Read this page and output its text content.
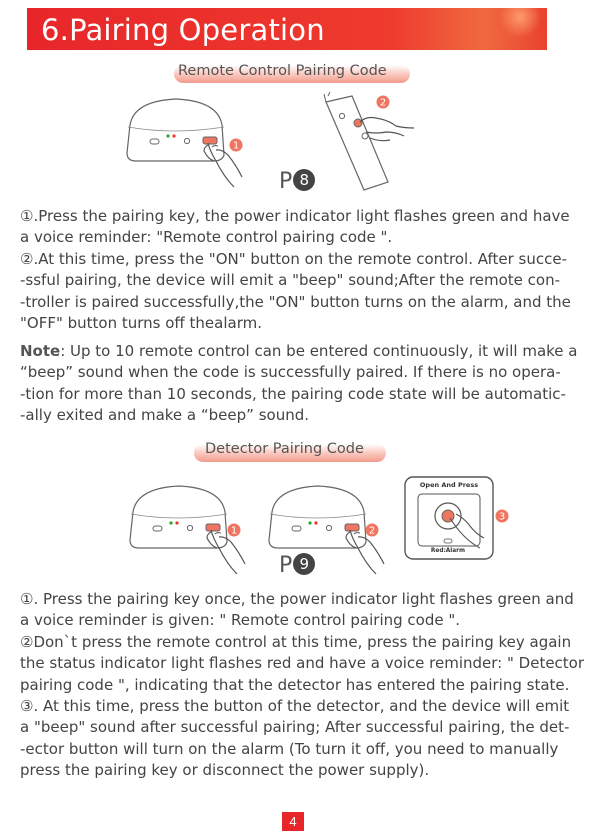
6.Pairing Operation
Remote Control Pairing Code
1
2
P 8
①.Press the pairing key, the power indicator light flashes green and have
a voice reminder: "Remote control pairing code ".
②.At this time, press the "ON" button on the remote control. After succe-
-ssful pairing, the device will emit a "beep" sound;After the remote con-
-troller is paired successfully,the "ON" button turns on the alarm, and the
"OFF" button turns off thealarm.
Note: Up to 10 remote control can be entered continuously, it will make a
“beep” sound when the code is successfully paired. If there is no opera-
-tion for more than 10 seconds, the pairing code state will be automatic-
-ally exited and make a “beep” sound.
Detector Pairing Code
1	2
Open And Press
Red:Alarm
3
P 9
①. Press the pairing key once, the power indicator light flashes green and
a voice reminder is given: " Remote control pairing code ".
②Don`t press the remote control at this time, press the pairing key again
the status indicator light flashes red and have a voice reminder: " Detector
pairing code ", indicating that the detector has entered the pairing state.
③. At this time, press the button of the detector, and the device will emit
a "beep" sound after successful pairing; After successful pairing, the det-
-ector button will turn on the alarm (To turn it off, you need to manually
press the pairing key or disconnect the power supply).
4
